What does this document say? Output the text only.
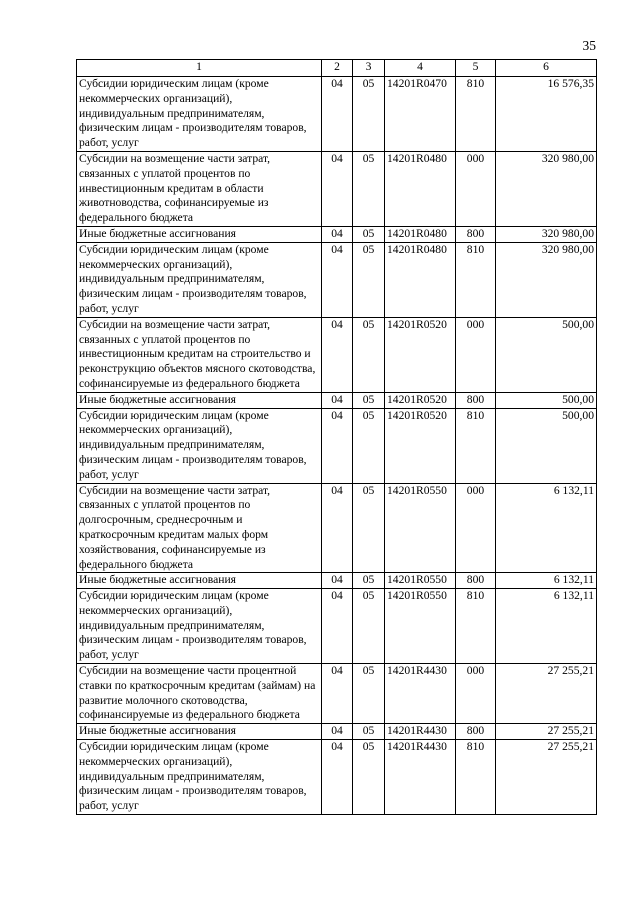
35
1	2	3	4	5	6
Субсидии юридическим лицам (кроме некоммерческих организаций), индивидуальным предпринимателям, физическим лицам - производителям товаров, работ, услуг	04	05	14201R0470	810	16 576,35
Субсидии на возмещение части затрат, связанных с уплатой процентов по инвестиционным кредитам в области животноводства, софинансируемые из федерального бюджета	04	05	14201R0480	000	320 980,00
Иные бюджетные ассигнования	04	05	14201R0480	800	320 980,00
Субсидии юридическим лицам (кроме некоммерческих организаций), индивидуальным предпринимателям, физическим лицам - производителям товаров, работ, услуг	04	05	14201R0480	810	320 980,00
Субсидии на возмещение части затрат, связанных с уплатой процентов по инвестиционным кредитам на строительство и реконструкцию объектов мясного скотоводства, софинансируемые из федерального бюджета	04	05	14201R0520	000	500,00
Иные бюджетные ассигнования	04	05	14201R0520	800	500,00
Субсидии юридическим лицам (кроме некоммерческих организаций), индивидуальным предпринимателям, физическим лицам - производителям товаров, работ, услуг	04	05	14201R0520	810	500,00
Субсидии на возмещение части затрат, связанных с уплатой процентов по долгосрочным, среднесрочным и краткосрочным кредитам малых форм хозяйствования, софинансируемые из федерального бюджета	04	05	14201R0550	000	6 132,11
Иные бюджетные ассигнования	04	05	14201R0550	800	6 132,11
Субсидии юридическим лицам (кроме некоммерческих организаций), индивидуальным предпринимателям, физическим лицам - производителям товаров, работ, услуг	04	05	14201R0550	810	6 132,11
Субсидии на возмещение части процентной ставки по краткосрочным кредитам (займам) на развитие молочного скотоводства, софинансируемые из федерального бюджета	04	05	14201R4430	000	27 255,21
Иные бюджетные ассигнования	04	05	14201R4430	800	27 255,21
Субсидии юридическим лицам (кроме некоммерческих организаций), индивидуальным предпринимателям, физическим лицам - производителям товаров, работ, услуг	04	05	14201R4430	810	27 255,21
